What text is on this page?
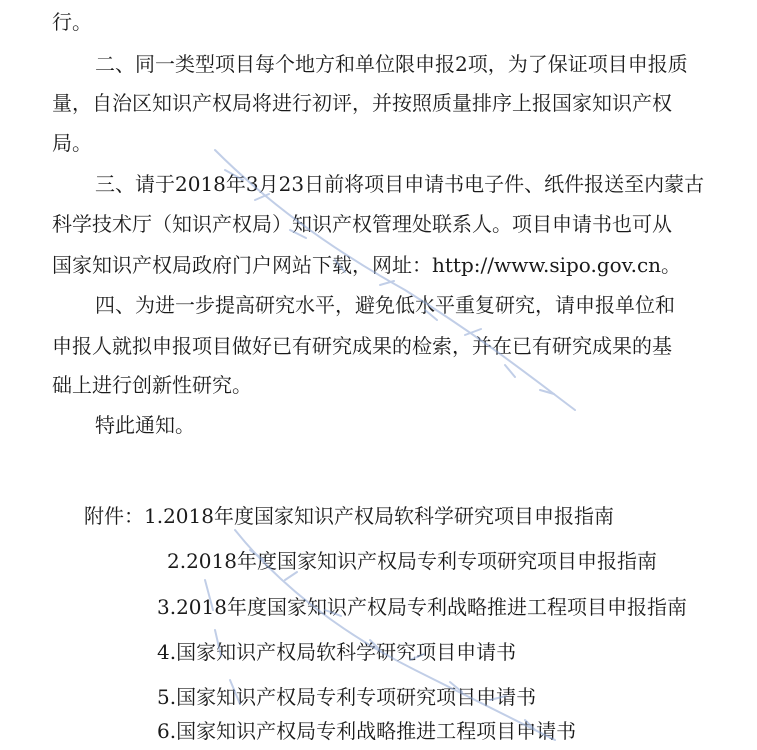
行。
二、同一类型项目每个地方和单位限申报2项，为了保证项目申报质
量，自治区知识产权局将进行初评，并按照质量排序上报国家知识产权
局。
三、请于2018年3月23日前将项目申请书电子件、纸件报送至内蒙古
科学技术厅（知识产权局）知识产权管理处联系人。项目申请书也可从
国家知识产权局政府门户网站下载，网址：http://www.sipo.gov.cn。
四、为进一步提高研究水平，避免低水平重复研究，请申报单位和
申报人就拟申报项目做好已有研究成果的检索，并在已有研究成果的基
础上进行创新性研究。
特此通知。
附件：1.2018年度国家知识产权局软科学研究项目申报指南
2.2018年度国家知识产权局专利专项研究项目申报指南
3.2018年度国家知识产权局专利战略推进工程项目申报指南
4.国家知识产权局软科学研究项目申请书
5.国家知识产权局专利专项研究项目申请书
6.国家知识产权局专利战略推进工程项目申请书
